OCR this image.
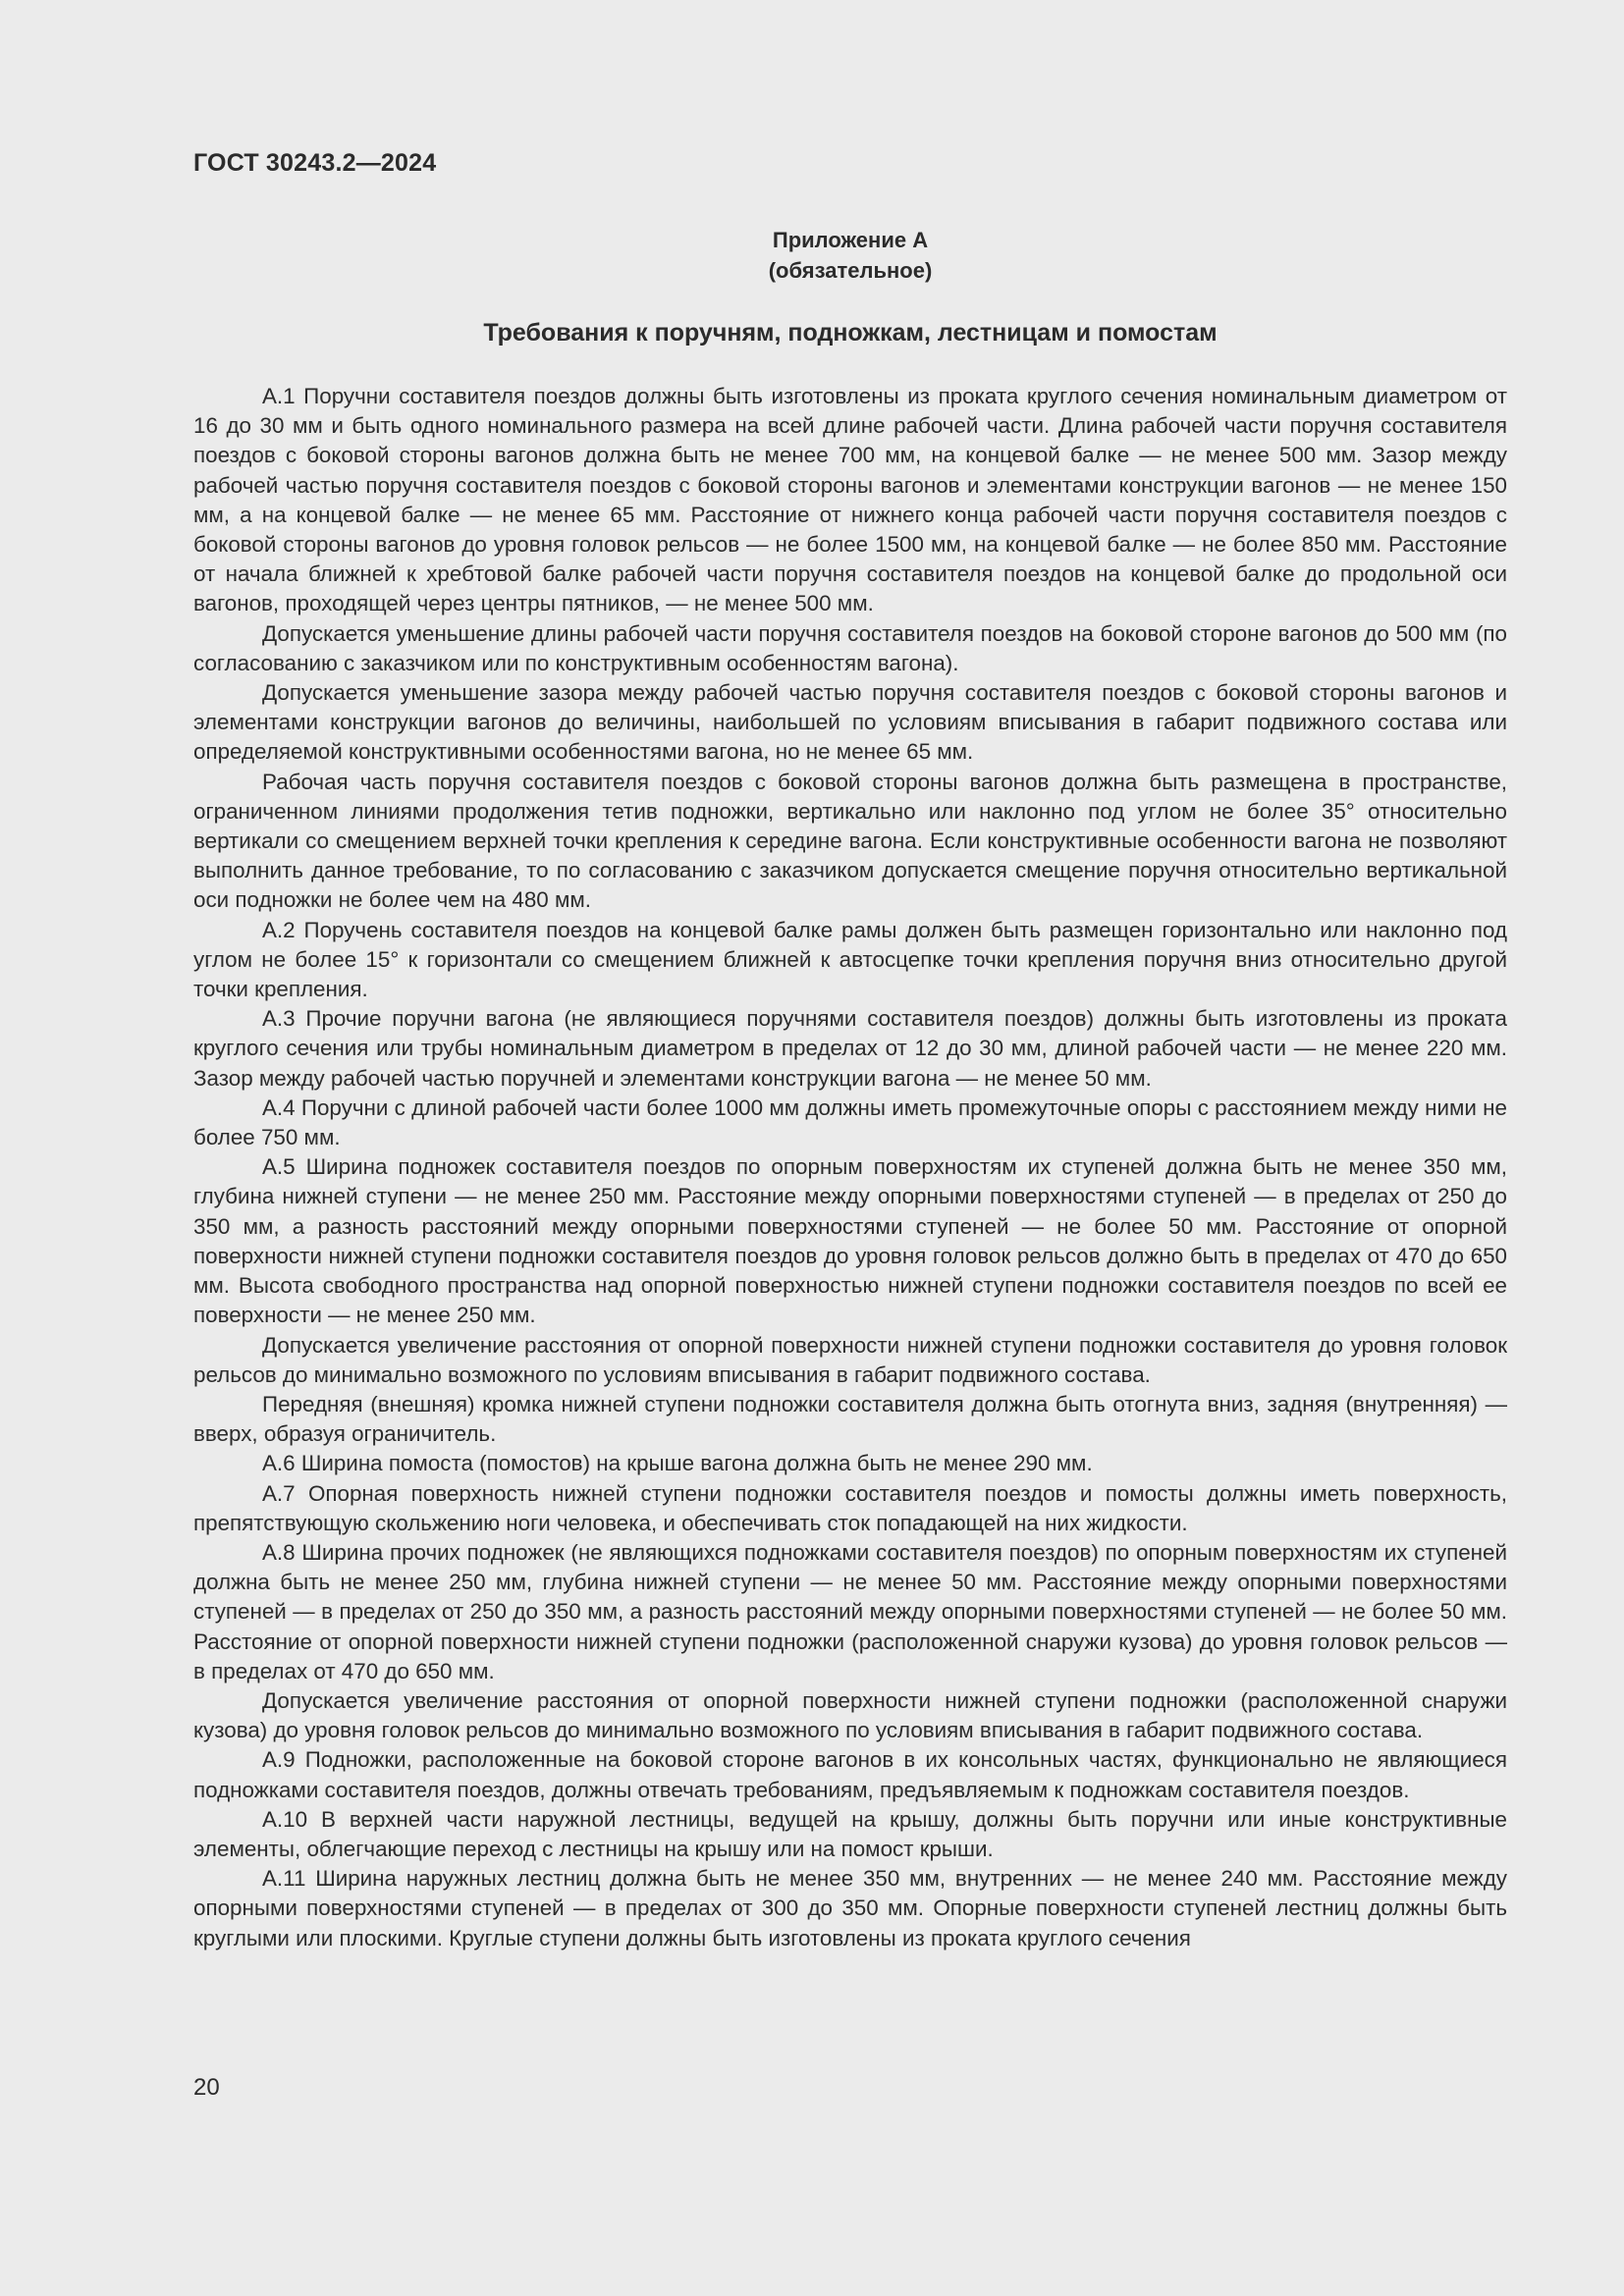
ГОСТ 30243.2—2024
Приложение А
(обязательное)
Требования к поручням, подножкам, лестницам и помостам

А.1 Поручни составителя поездов должны быть изготовлены из проката круглого сечения номинальным диаметром от 16 до 30 мм и быть одного номинального размера на всей длине рабочей части. Длина рабочей части поручня составителя поездов с боковой стороны вагонов должна быть не менее 700 мм, на концевой балке — не менее 500 мм. Зазор между рабочей частью поручня составителя поездов с боковой стороны вагонов и элементами конструкции вагонов — не менее 150 мм, а на концевой балке — не менее 65 мм. Расстояние от нижнего конца рабочей части поручня составителя поездов с боковой стороны вагонов до уровня головок рельсов — не более 1500 мм, на концевой балке — не более 850 мм. Расстояние от начала ближней к хребтовой балке рабочей части поручня составителя поездов на концевой балке до продольной оси вагонов, проходящей через центры пятников, — не менее 500 мм.

Допускается уменьшение длины рабочей части поручня составителя поездов на боковой стороне вагонов до 500 мм (по согласованию с заказчиком или по конструктивным особенностям вагона).

Допускается уменьшение зазора между рабочей частью поручня составителя поездов с боковой стороны вагонов и элементами конструкции вагонов до величины, наибольшей по условиям вписывания в габарит подвижного состава или определяемой конструктивными особенностями вагона, но не менее 65 мм.

Рабочая часть поручня составителя поездов с боковой стороны вагонов должна быть размещена в пространстве, ограниченном линиями продолжения тетив подножки, вертикально или наклонно под углом не более 35° относительно вертикали со смещением верхней точки крепления к середине вагона. Если конструктивные особенности вагона не позволяют выполнить данное требование, то по согласованию с заказчиком допускается смещение поручня относительно вертикальной оси подножки не более чем на 480 мм.

А.2 Поручень составителя поездов на концевой балке рамы должен быть размещен горизонтально или наклонно под углом не более 15° к горизонтали со смещением ближней к автосцепке точки крепления поручня вниз относительно другой точки крепления.

А.3 Прочие поручни вагона (не являющиеся поручнями составителя поездов) должны быть изготовлены из проката круглого сечения или трубы номинальным диаметром в пределах от 12 до 30 мм, длиной рабочей части — не менее 220 мм. Зазор между рабочей частью поручней и элементами конструкции вагона — не менее 50 мм.

А.4 Поручни с длиной рабочей части более 1000 мм должны иметь промежуточные опоры с расстоянием между ними не более 750 мм.

А.5 Ширина подножек составителя поездов по опорным поверхностям их ступеней должна быть не менее 350 мм, глубина нижней ступени — не менее 250 мм. Расстояние между опорными поверхностями ступеней — в пределах от 250 до 350 мм, а разность расстояний между опорными поверхностями ступеней — не более 50 мм. Расстояние от опорной поверхности нижней ступени подножки составителя поездов до уровня головок рельсов должно быть в пределах от 470 до 650 мм. Высота свободного пространства над опорной поверхностью нижней ступени подножки составителя поездов по всей ее поверхности — не менее 250 мм.

Допускается увеличение расстояния от опорной поверхности нижней ступени подножки составителя до уровня головок рельсов до минимально возможного по условиям вписывания в габарит подвижного состава.

Передняя (внешняя) кромка нижней ступени подножки составителя должна быть отогнута вниз, задняя (внутренняя) — вверх, образуя ограничитель.

А.6 Ширина помоста (помостов) на крыше вагона должна быть не менее 290 мм.

А.7 Опорная поверхность нижней ступени подножки составителя поездов и помосты должны иметь поверхность, препятствующую скольжению ноги человека, и обеспечивать сток попадающей на них жидкости.

А.8 Ширина прочих подножек (не являющихся подножками составителя поездов) по опорным поверхностям их ступеней должна быть не менее 250 мм, глубина нижней ступени — не менее 50 мм. Расстояние между опорными поверхностями ступеней — в пределах от 250 до 350 мм, а разность расстояний между опорными поверхностями ступеней — не более 50 мм. Расстояние от опорной поверхности нижней ступени подножки (расположенной снаружи кузова) до уровня головок рельсов — в пределах от 470 до 650 мм.

Допускается увеличение расстояния от опорной поверхности нижней ступени подножки (расположенной снаружи кузова) до уровня головок рельсов до минимально возможного по условиям вписывания в габарит подвижного состава.

А.9 Подножки, расположенные на боковой стороне вагонов в их консольных частях, функционально не являющиеся подножками составителя поездов, должны отвечать требованиям, предъявляемым к подножкам составителя поездов.

А.10 В верхней части наружной лестницы, ведущей на крышу, должны быть поручни или иные конструктивные элементы, облегчающие переход с лестницы на крышу или на помост крыши.

А.11 Ширина наружных лестниц должна быть не менее 350 мм, внутренних — не менее 240 мм. Расстояние между опорными поверхностями ступеней — в пределах от 300 до 350 мм. Опорные поверхности ступеней лестниц должны быть круглыми или плоскими. Круглые ступени должны быть изготовлены из проката круглого сечения

20
